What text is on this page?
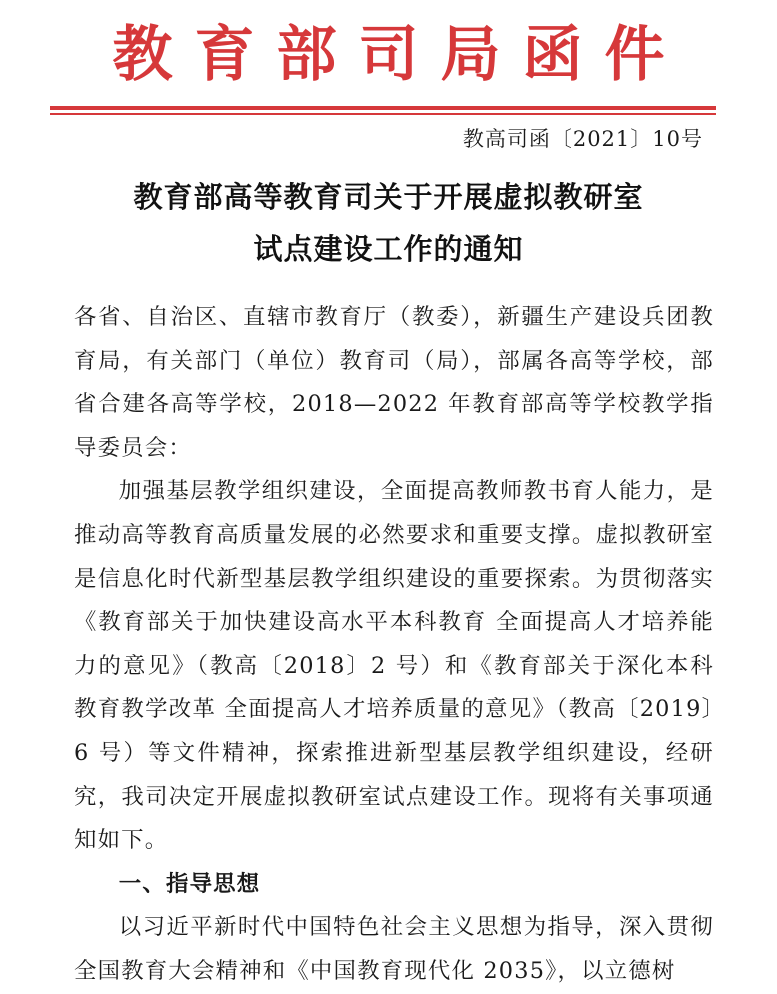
教育部司局函件
教高司函〔2021〕10号
教育部高等教育司关于开展虚拟教研室
试点建设工作的通知

各省、自治区、直辖市教育厅（教委），新疆生产建设兵团教育局，有关部门（单位）教育司（局），部属各高等学校，部省合建各高等学校，2018—2022 年教育部高等学校教学指导委员会：

加强基层教学组织建设，全面提高教师教书育人能力，是推动高等教育高质量发展的必然要求和重要支撑。虚拟教研室是信息化时代新型基层教学组织建设的重要探索。为贯彻落实《教育部关于加快建设高水平本科教育 全面提高人才培养能力的意见》（教高〔2018〕2 号）和《教育部关于深化本科教育教学改革 全面提高人才培养质量的意见》（教高〔2019〕6 号）等文件精神，探索推进新型基层教学组织建设，经研究，我司决定开展虚拟教研室试点建设工作。现将有关事项通知如下。

一、指导思想

以习近平新时代中国特色社会主义思想为指导，深入贯彻全国教育大会精神和《中国教育现代化 2035》，以立德树
